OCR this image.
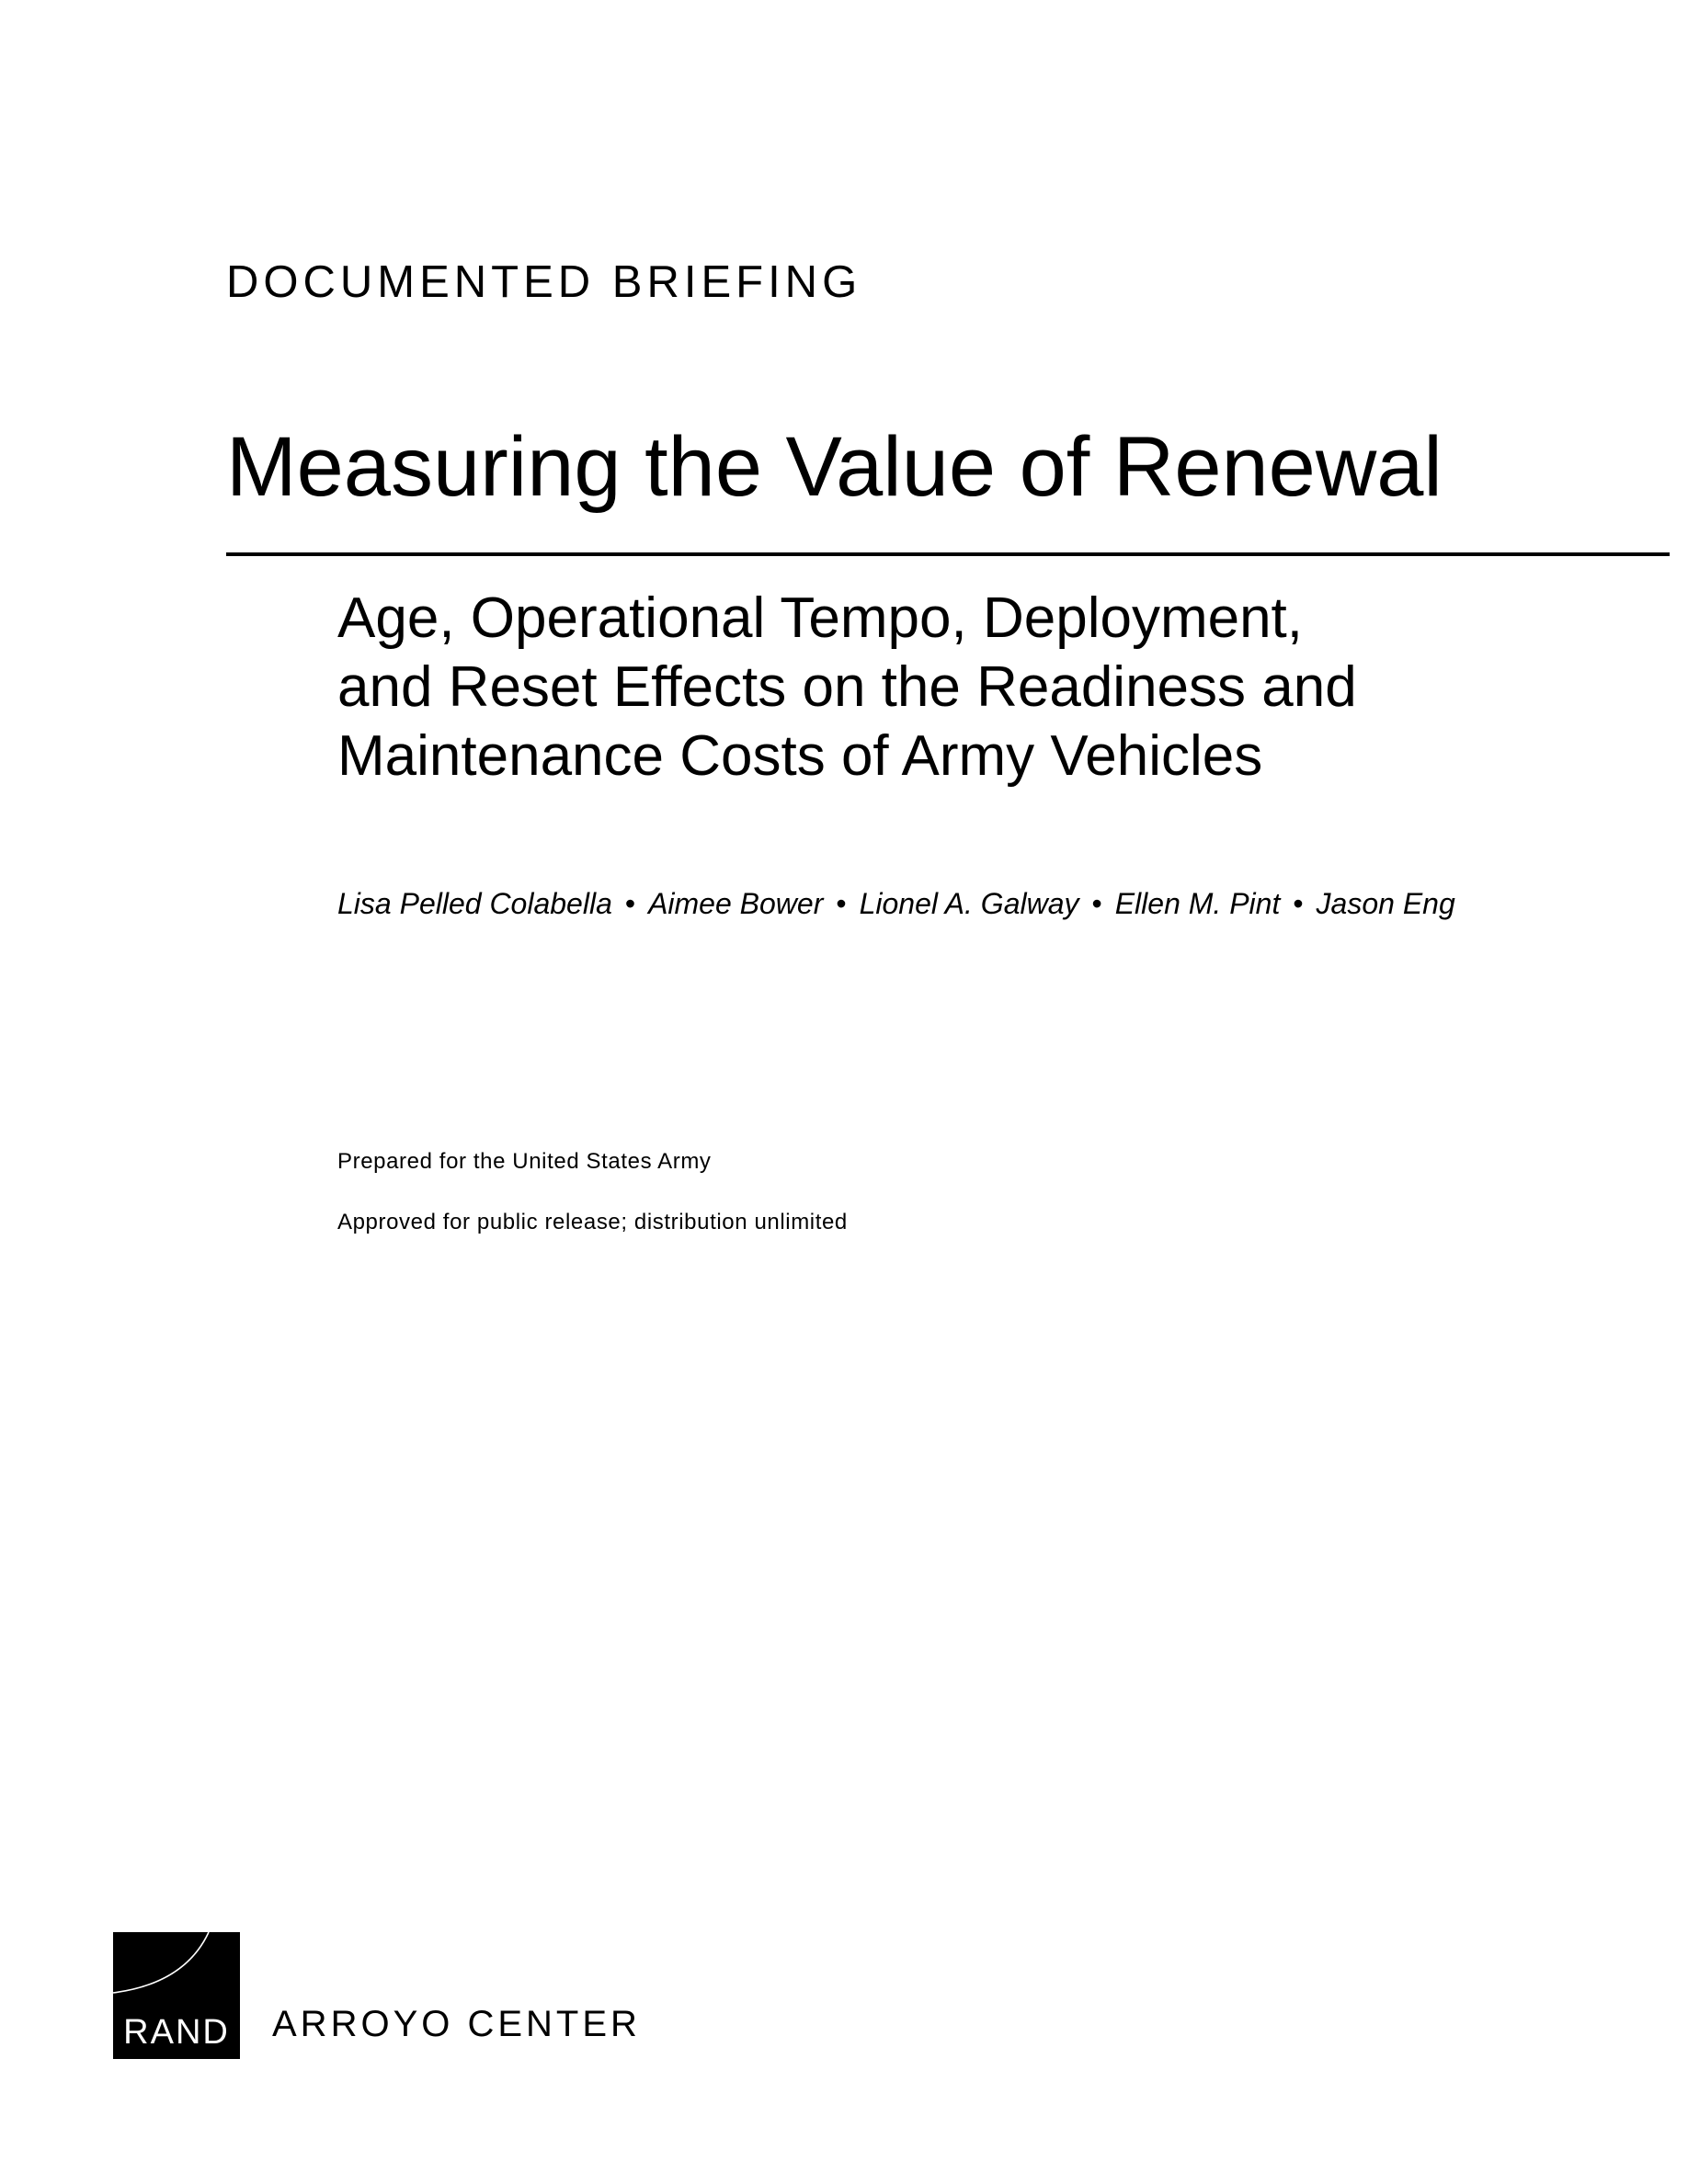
DOCUMENTED BRIEFING
Measuring the Value of Renewal
Age, Operational Tempo, Deployment,
and Reset Effects on the Readiness and
Maintenance Costs of Army Vehicles
Lisa Pelled Colabella • Aimee Bower • Lionel A. Galway • Ellen M. Pint • Jason Eng
Prepared for the United States Army
Approved for public release; distribution unlimited
RAND ARROYO CENTER
